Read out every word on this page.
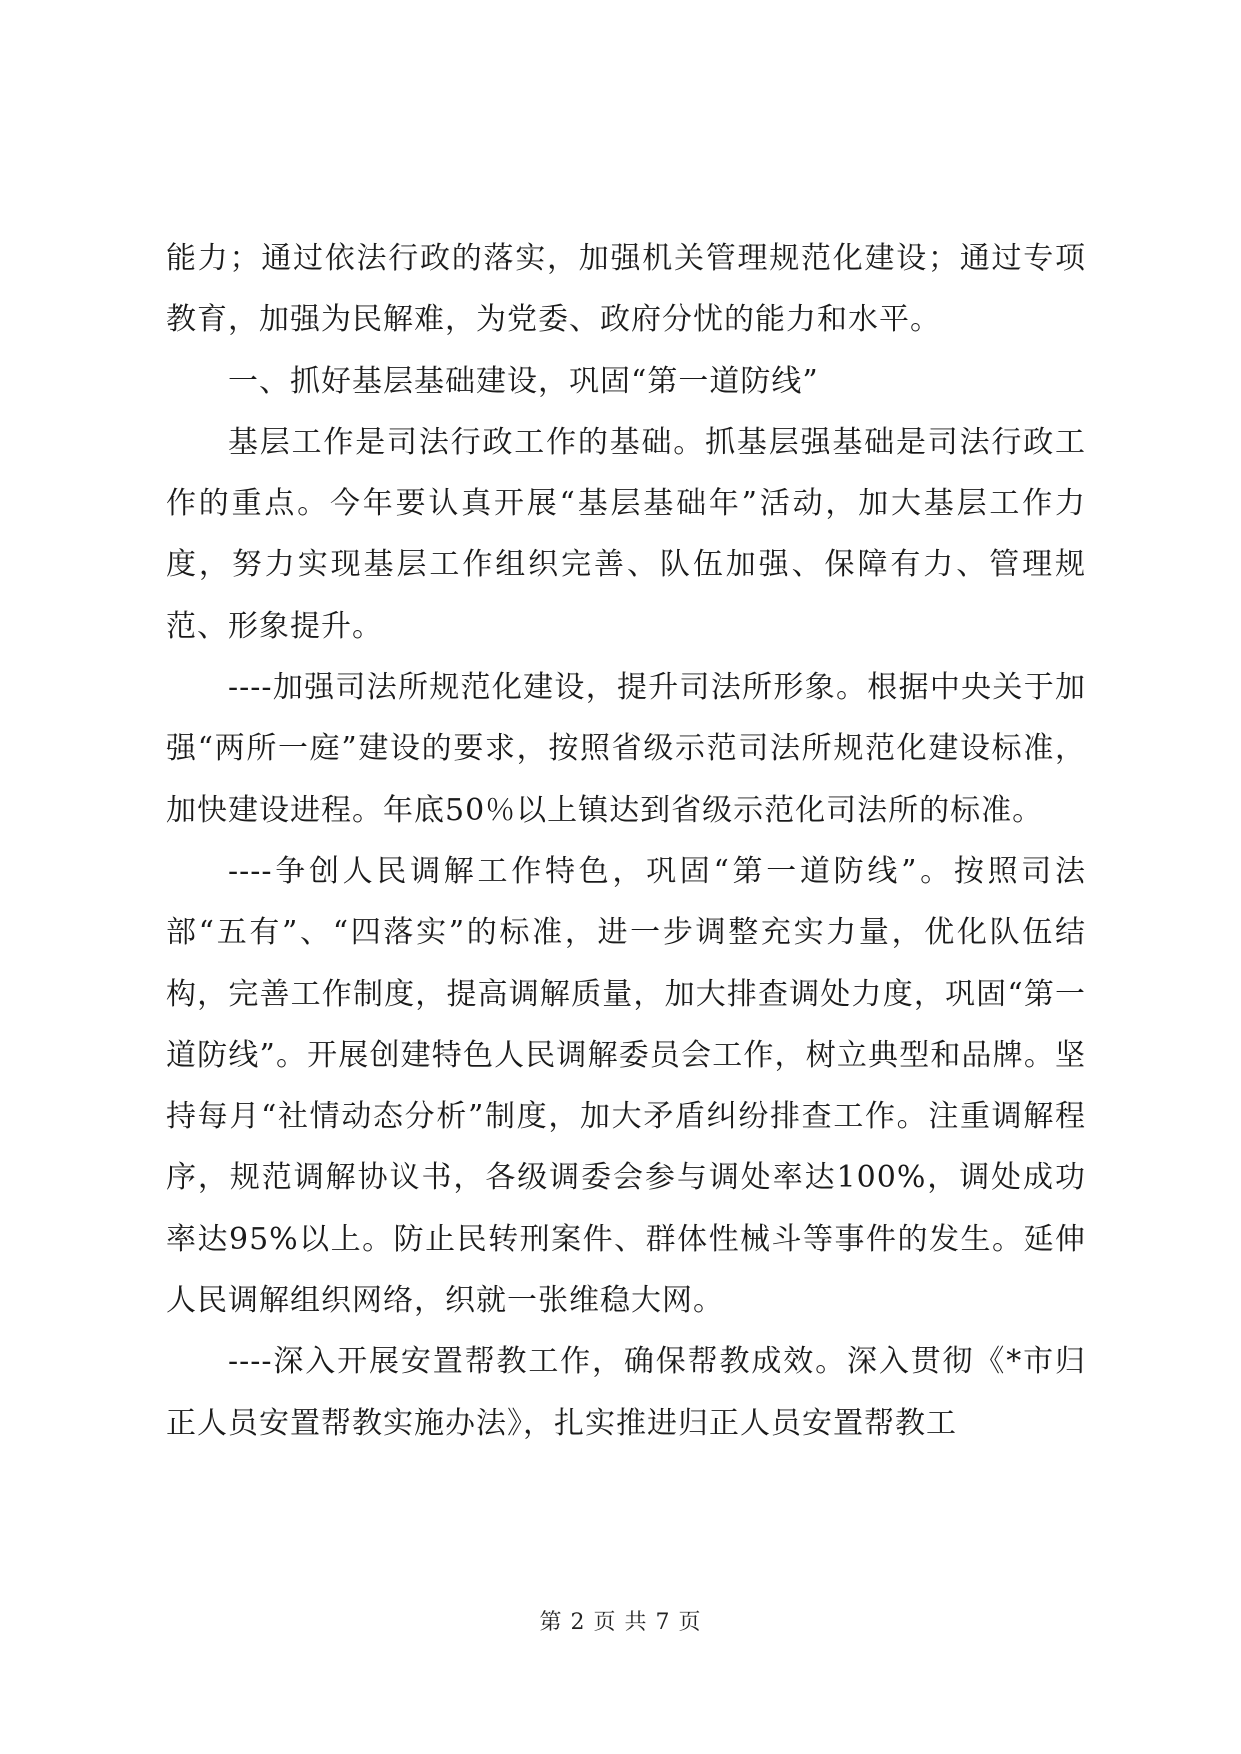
能力；通过依法行政的落实，加强机关管理规范化建设；通过专项教育，加强为民解难，为党委、政府分忧的能力和水平。

一、抓好基层基础建设，巩固“第一道防线”

基层工作是司法行政工作的基础。抓基层强基础是司法行政工作的重点。今年要认真开展“基层基础年”活动，加大基层工作力度，努力实现基层工作组织完善、队伍加强、保障有力、管理规范、形象提升。

----加强司法所规范化建设，提升司法所形象。根据中央关于加强“两所一庭”建设的要求，按照省级示范司法所规范化建设标准，加快建设进程。年底50％以上镇达到省级示范化司法所的标准。

----争创人民调解工作特色，巩固“第一道防线”。按照司法部“五有”、“四落实”的标准，进一步调整充实力量，优化队伍结构，完善工作制度，提高调解质量，加大排查调处力度，巩固“第一道防线”。开展创建特色人民调解委员会工作，树立典型和品牌。坚持每月“社情动态分析”制度，加大矛盾纠纷排查工作。注重调解程序，规范调解协议书，各级调委会参与调处率达100%，调处成功率达95%以上。防止民转刑案件、群体性械斗等事件的发生。延伸人民调解组织网络，织就一张维稳大网。

----深入开展安置帮教工作，确保帮教成效。深入贯彻《*市归正人员安置帮教实施办法》，扎实推进归正人员安置帮教工

第 2 页 共 7 页
